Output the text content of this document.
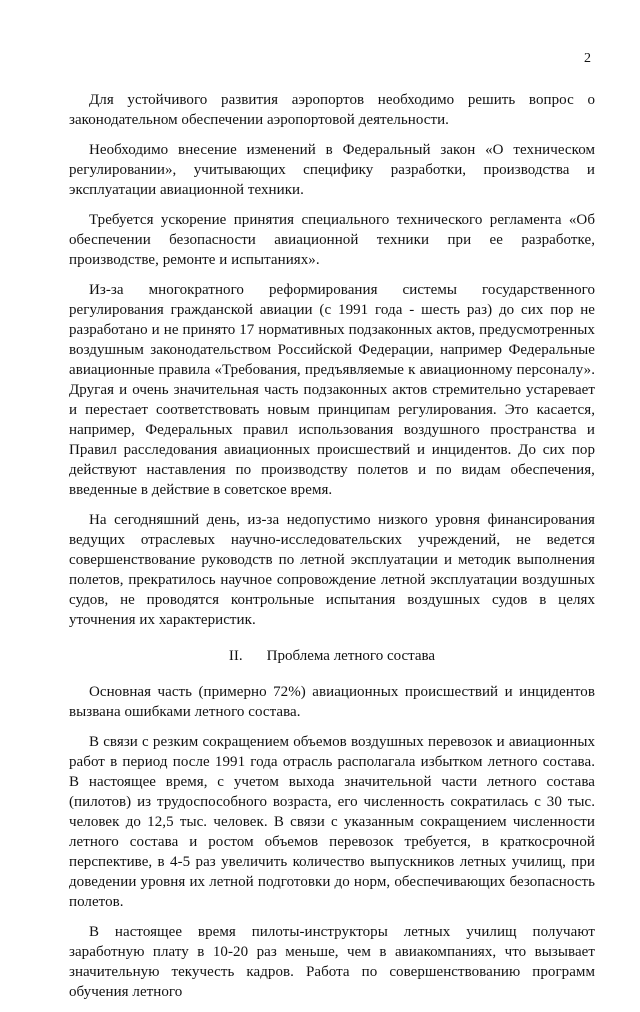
2

Для устойчивого развития аэропортов необходимо решить вопрос о законодательном обеспечении аэропортовой деятельности.

Необходимо внесение изменений в Федеральный закон «О техническом регулировании», учитывающих специфику разработки, производства и эксплуатации авиационной техники.

Требуется ускорение принятия специального технического регламента «Об обеспечении безопасности авиационной техники при ее разработке, производстве, ремонте и испытаниях».

Из-за многократного реформирования системы государственного регулирования гражданской авиации (с 1991 года - шесть раз) до сих пор не разработано и не принято 17 нормативных подзаконных актов, предусмотренных воздушным законодательством Российской Федерации, например Федеральные авиационные правила «Требования, предъявляемые к авиационному персоналу». Другая и очень значительная часть подзаконных актов стремительно устаревает и перестает соответствовать новым принципам регулирования. Это касается, например, Федеральных правил использования воздушного пространства и Правил расследования авиационных происшествий и инцидентов. До сих пор действуют наставления по производству полетов и по видам обеспечения, введенные в действие в советское время.

На сегодняшний день, из-за недопустимо низкого уровня финансирования ведущих отраслевых научно-исследовательских учреждений, не ведется совершенствование руководств по летной эксплуатации и методик выполнения полетов, прекратилось научное сопровождение летной эксплуатации воздушных судов, не проводятся контрольные испытания воздушных судов в целях уточнения их характеристик.

II. Проблема летного состава

Основная часть (примерно 72%) авиационных происшествий и инцидентов вызвана ошибками летного состава.

В связи с резким сокращением объемов воздушных перевозок и авиационных работ в период после 1991 года отрасль располагала избытком летного состава. В настоящее время, с учетом выхода значительной части летного состава (пилотов) из трудоспособного возраста, его численность сократилась с 30 тыс. человек до 12,5 тыс. человек. В связи с указанным сокращением численности летного состава и ростом объемов перевозок требуется, в краткосрочной перспективе, в 4-5 раз увеличить количество выпускников летных училищ, при доведении уровня их летной подготовки до норм, обеспечивающих безопасность полетов.

В настоящее время пилоты-инструкторы летных училищ получают заработную плату в 10-20 раз меньше, чем в авиакомпаниях, что вызывает значительную текучесть кадров. Работа по совершенствованию программ обучения летного
